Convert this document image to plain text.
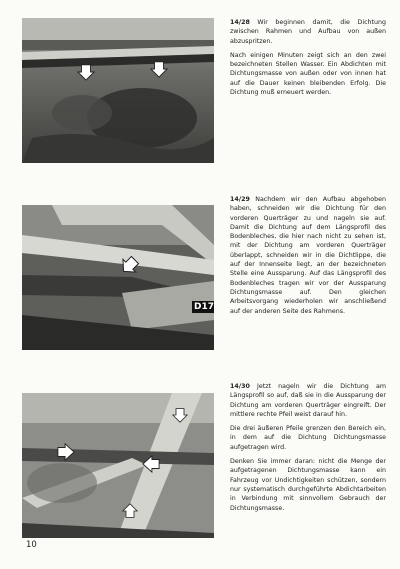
14/28 Wir beginnen damit, die Dichtung zwischen Rahmen und Aufbau von außen abzuspritzen.

Nach einigen Minuten zeigt sich an den zwei bezeichneten Stellen Wasser. Ein Abdichten mit Dichtungsmasse von außen oder von innen hat auf die Dauer keinen bleibenden Erfolg. Die Dichtung muß erneuert werden.

D17

14/29 Nachdem wir den Aufbau abgehoben haben, schneiden wir die Dichtung für den vorderen Querträger zu und nageln sie auf. Damit die Dichtung auf dem Längsprofil des Bodenbleches, die hier nach nicht zu sehen ist, mit der Dichtung am vorderen Querträger überlappt, schneiden wir in die Dichtlippe, die auf der Innenseite liegt, an der bezeichneten Stelle eine Aussparung. Auf das Längsprofil des Bodenbleches tragen wir vor der Aussparung Dichtungsmasse auf. Den gleichen Arbeitsvorgang wiederholen wir anschließend auf der anderen Seite des Rahmens.

14/30 Jetzt nageln wir die Dichtung am Längsprofil so auf, daß sie in die Aussparung der Dichtung am vorderen Querträger eingreift. Der mittlere rechte Pfeil weist darauf hin.

Die drei äußeren Pfeile grenzen den Bereich ein, in dem auf die Dichtung Dichtungsmasse aufgetragen wird.

Denken Sie immer daran: nicht die Menge der aufgetragenen Dichtungsmasse kann ein Fahrzeug vor Undichtigkeiten schützen, sondern nur systematisch durchgeführte Abdichtarbeiten in Verbindung mit sinnvollem Gebrauch der Dichtungsmasse.

10
